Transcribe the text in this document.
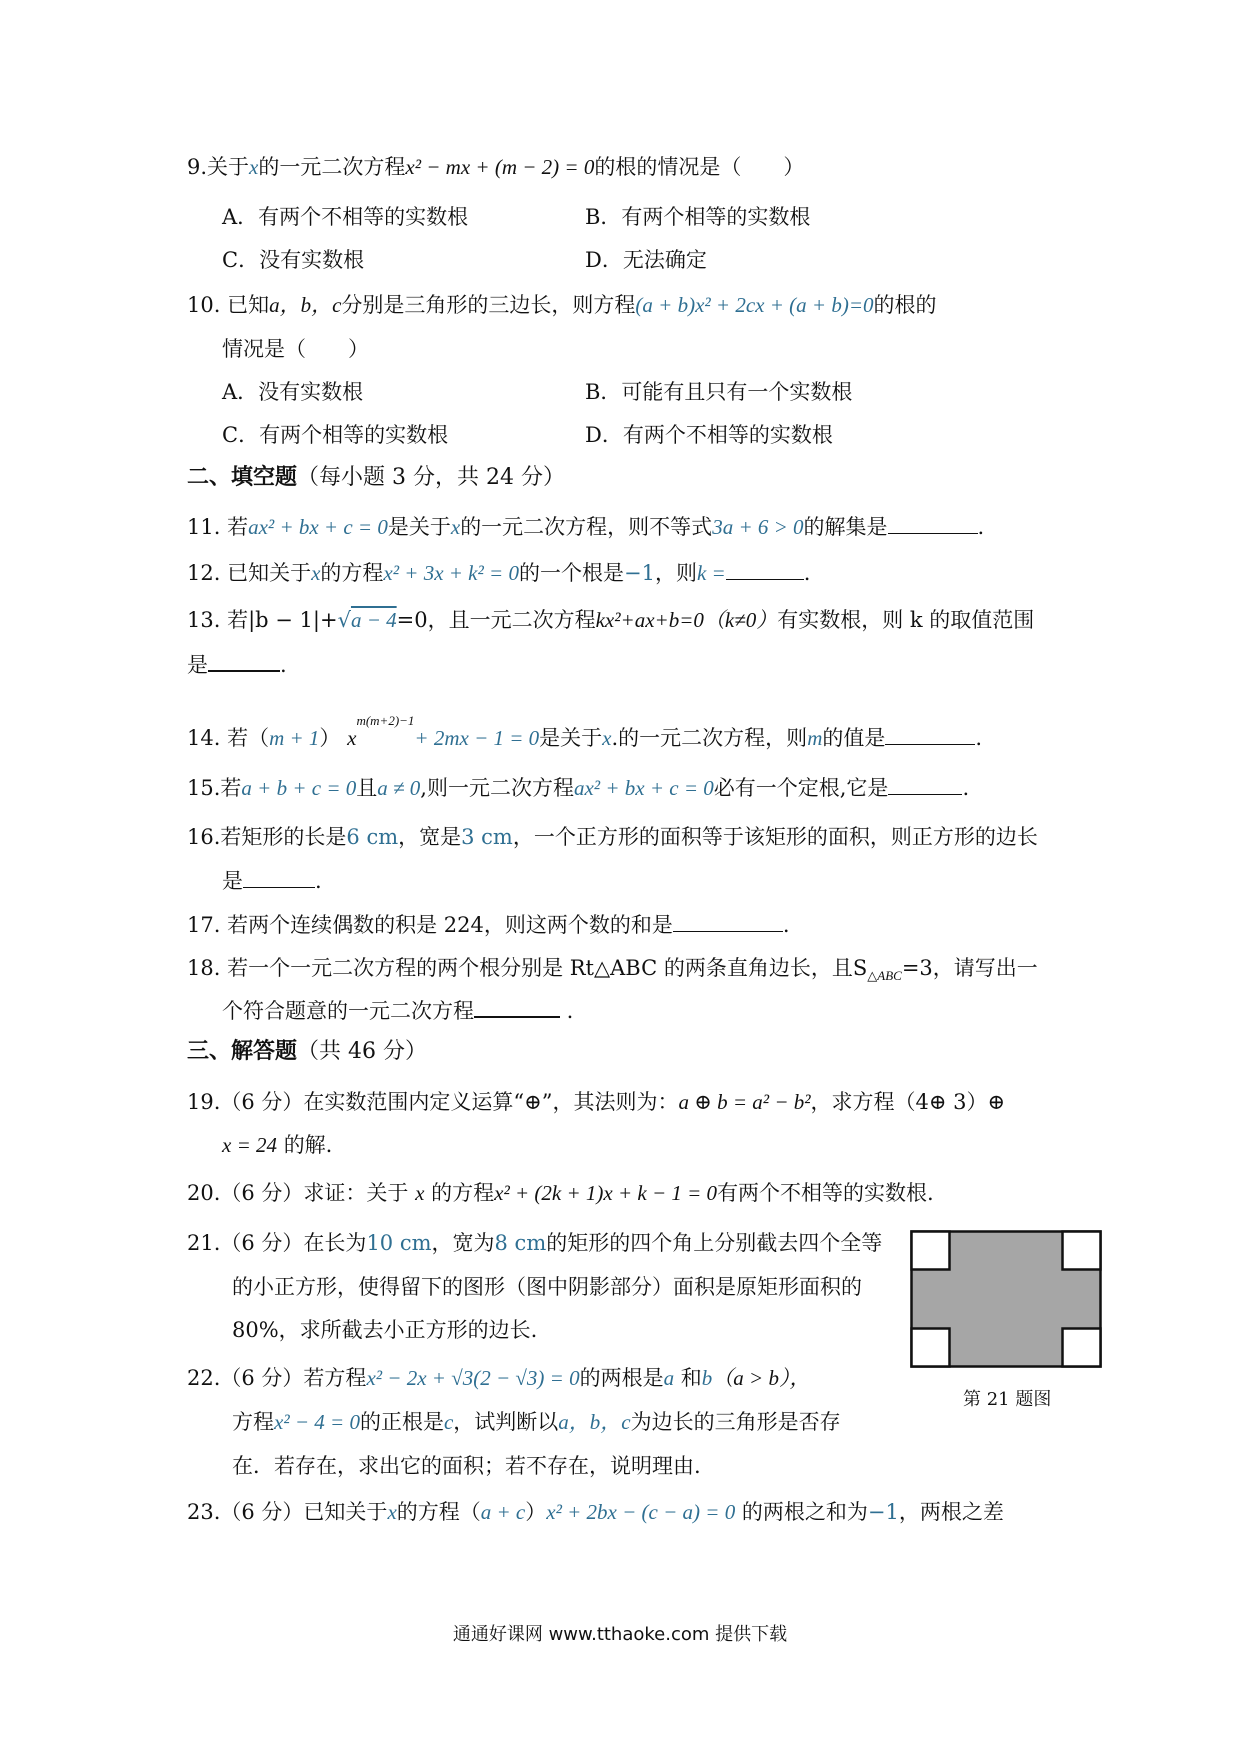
9.关于x的一元二次方程x² − mx + (m − 2) = 0的根的情况是（　　）
A．有两个不相等的实数根	B．有两个相等的实数根
C．没有实数根	D．无法确定
10. 已知a，b，c分别是三角形的三边长，则方程(a + b)x² + 2cx + (a + b)=0的根的
情况是（　　）
A．没有实数根	B．可能有且只有一个实数根
C．有两个相等的实数根	D．有两个不相等的实数根
二、填空题（每小题 3 分，共 24 分）
11. 若ax² + bx + c = 0是关于x的一元二次方程，则不等式3a + 6 > 0的解集是	.
12. 已知关于x的方程x² + 3x + k² = 0的一个根是−1，则k =	.
13. 若|b − 1|+√a − 4=0，且一元二次方程kx²+ax+b=0（k≠0）有实数根，则 k 的取值范围
是	.
14. 若（m + 1） $x^{m(m+2)-1}+ 2mx - 1 = 0$是关于x.的一元二次方程，则m的值是	.
15.若a + b + c = 0且a ≠ 0,则一元二次方程ax² + bx + c = 0必有一个定根,它是	.
16.若矩形的长是6 cm，宽是3 cm，一个正方形的面积等于该矩形的面积，则正方形的边长
是	.
17. 若两个连续偶数的积是 224，则这两个数的和是	.
18. 若一个一元二次方程的两个根分别是 Rt△ABC 的两条直角边长，且$S_{\triangle ABC}=3$，请写出一
个符合题意的一元二次方程	.
三、解答题（共 46 分）
19.（6 分）在实数范围内定义运算“⊕”，其法则为：a ⊕ b = a² − b²，求方程（4⊕ 3）⊕
x = 24 的解.
20.（6 分）求证：关于 x 的方程x² + (2k + 1)x + k − 1 = 0有两个不相等的实数根.
21.（6 分）在长为10 cm，宽为8 cm的矩形的四个角上分别截去四个全等
的小正方形，使得留下的图形（图中阴影部分）面积是原矩形面积的
80%，求所截去小正方形的边长.
第 21 题图
22.（6 分）若方程x² − 2x + √3(2 − √3) = 0的两根是a 和b（a > b），
方程x² − 4 = 0的正根是c，试判断以a，b，c为边长的三角形是否存
在．若存在，求出它的面积；若不存在，说明理由.
23.（6 分）已知关于x的方程（a + c）x² + 2bx − (c − a) = 0 的两根之和为−1，两根之差
通通好课网 www.tthaoke.com 提供下载
